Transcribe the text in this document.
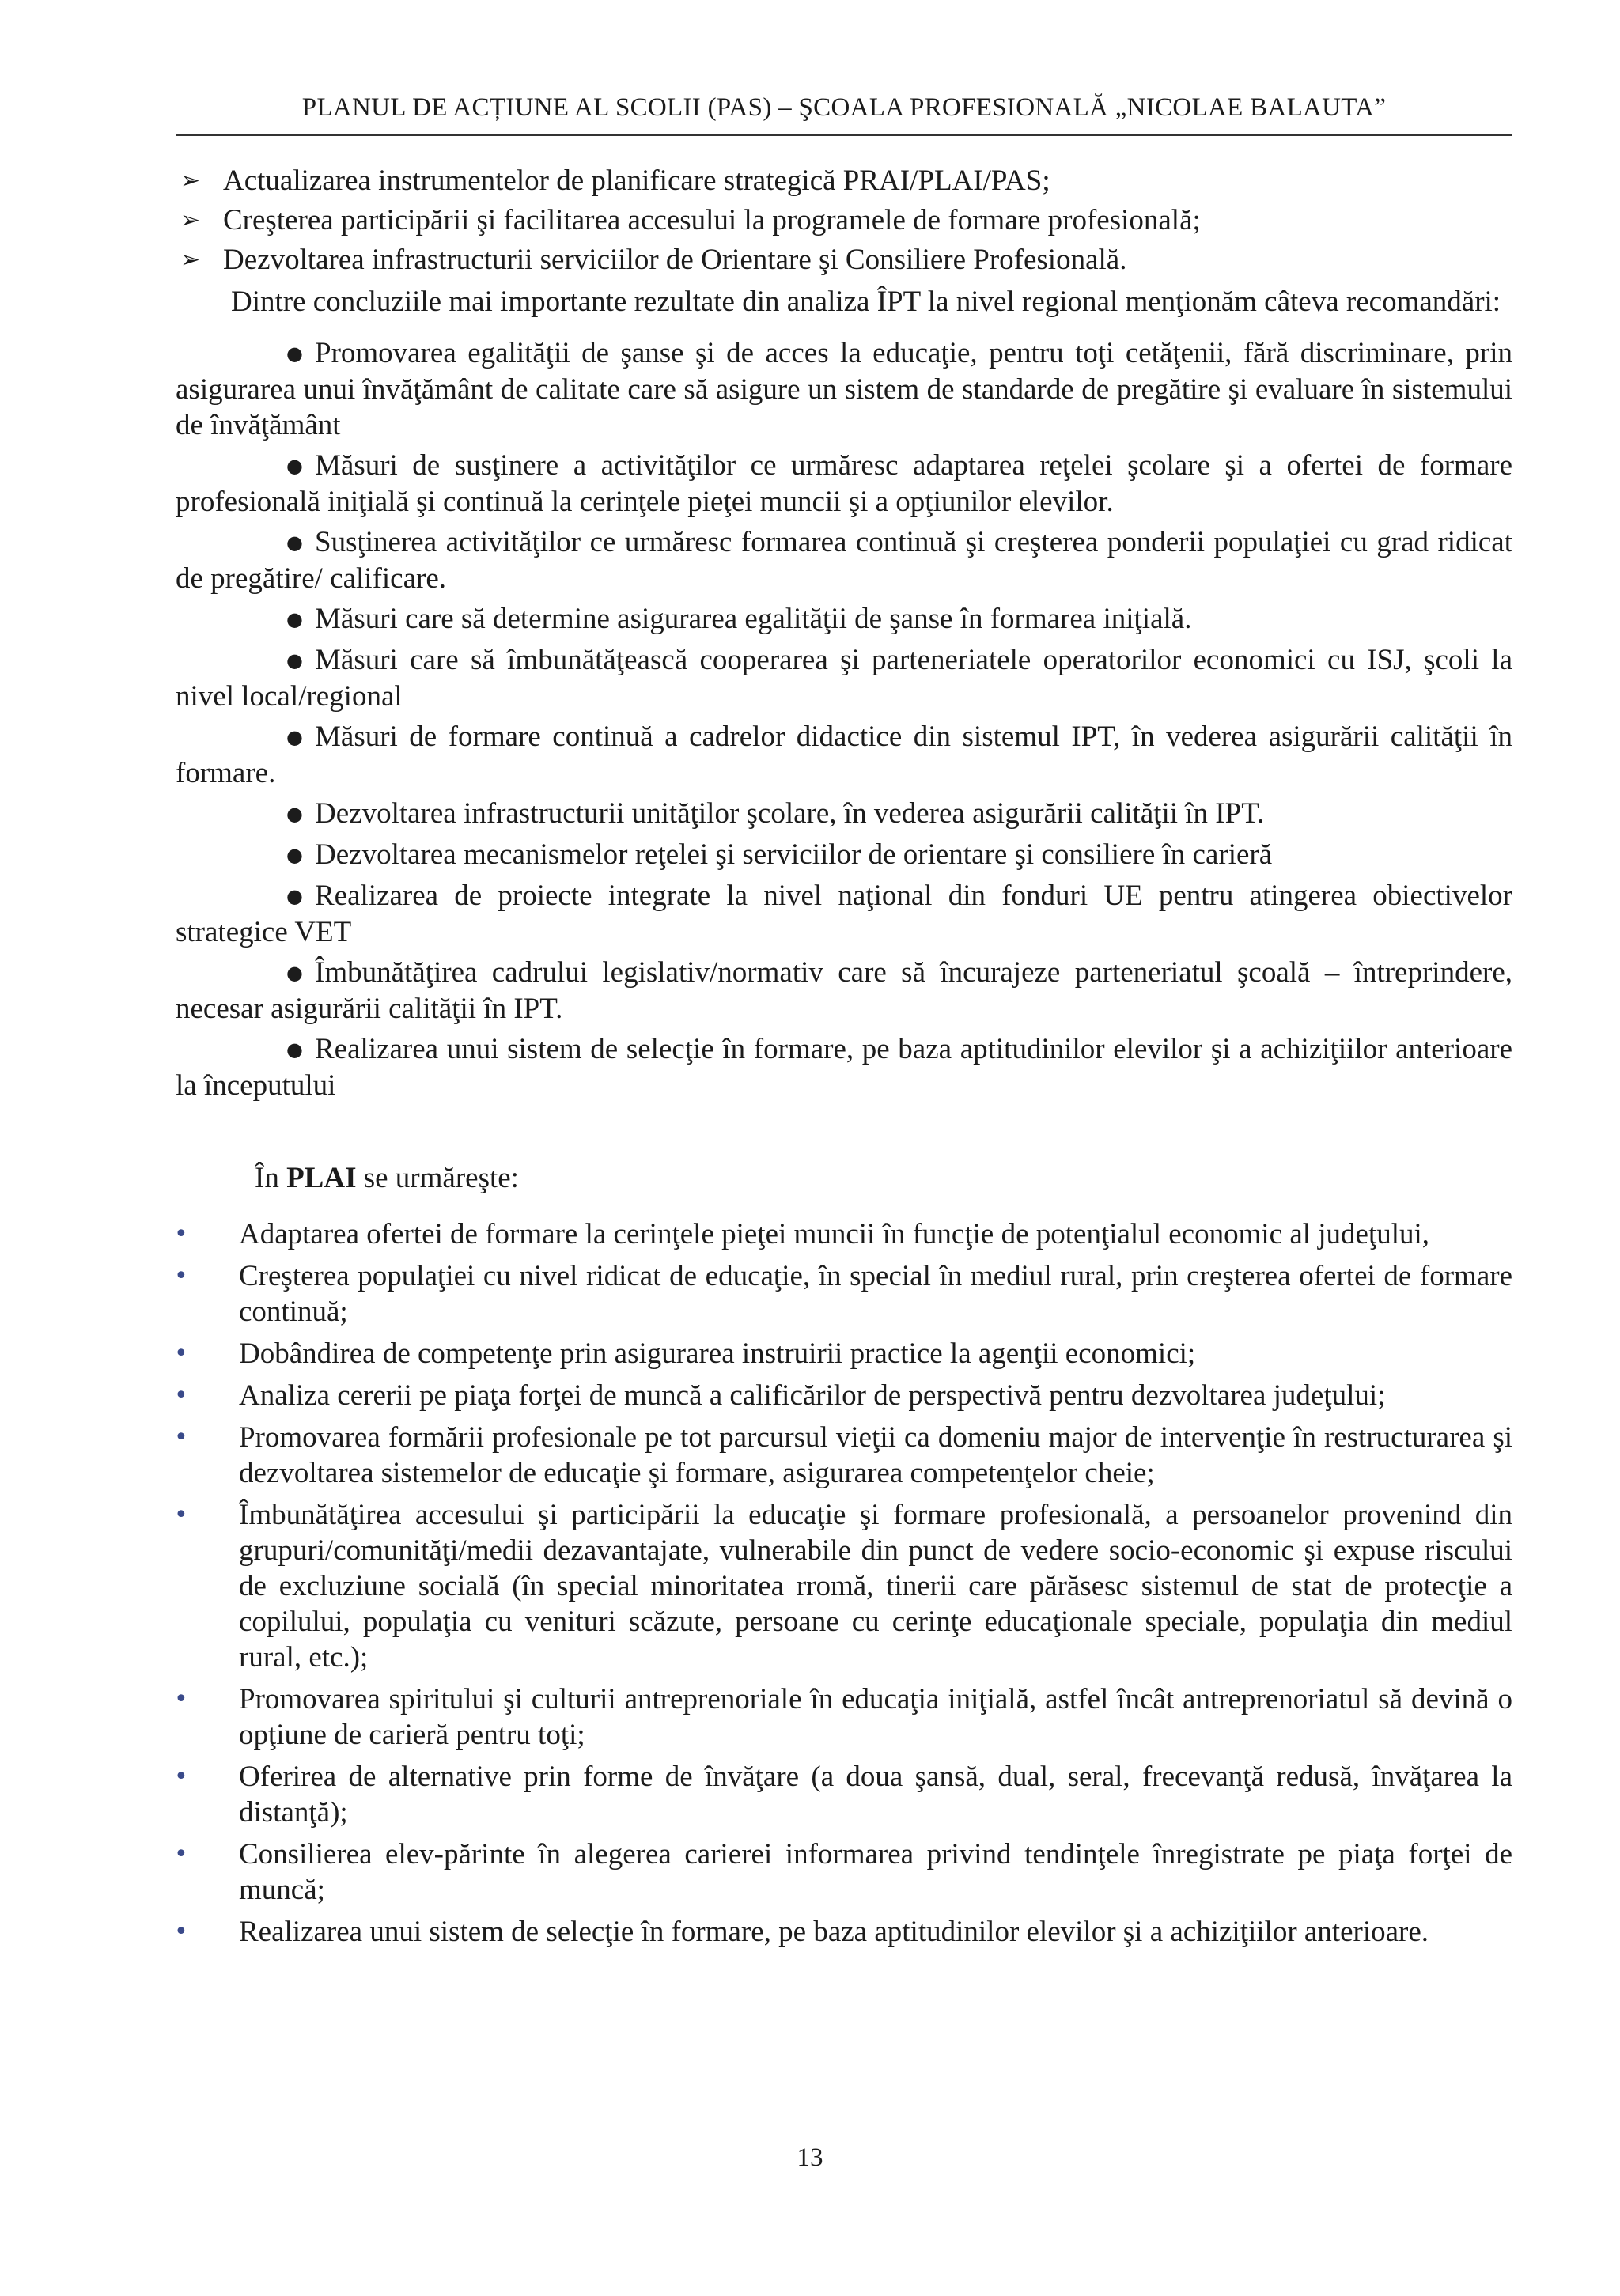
PLANUL DE ACȚIUNE AL SCOLII (PAS) – ŞCOALA PROFESIONALĂ „NICOLAE BALAUTA”
➢ Actualizarea instrumentelor de planificare strategică PRAI/PLAI/PAS;
➢ Creşterea participării şi facilitarea accesului la programele de formare profesională;
➢ Dezvoltarea infrastructurii serviciilor de Orientare şi Consiliere Profesională.

Dintre concluziile mai importante rezultate din analiza ÎPT la nivel regional menţionăm câteva recomandări:

● Promovarea egalităţii de şanse şi de acces la educaţie, pentru toţi cetăţenii, fără discriminare, prin asigurarea unui învăţământ de calitate care să asigure un sistem de standarde de pregătire şi evaluare în sistemului de învăţământ
● Măsuri de susţinere a activităţilor ce urmăresc adaptarea reţelei şcolare şi a ofertei de formare profesională iniţială şi continuă la cerinţele pieţei muncii şi a opţiunilor elevilor.
● Susţinerea activităţilor ce urmăresc formarea continuă şi creşterea ponderii populaţiei cu grad ridicat de pregătire/ calificare.
● Măsuri care să determine asigurarea egalităţii de şanse în formarea iniţială.
● Măsuri care să îmbunătăţească cooperarea şi parteneriatele operatorilor economici cu ISJ, şcoli la nivel local/regional
● Măsuri de formare continuă a cadrelor didactice din sistemul IPT, în vederea asigurării calităţii în formare.
● Dezvoltarea infrastructurii unităţilor şcolare, în vederea asigurării calităţii în IPT.
● Dezvoltarea mecanismelor reţelei şi serviciilor de orientare şi consiliere în carieră
● Realizarea de proiecte integrate la nivel naţional din fonduri UE pentru atingerea obiectivelor strategice VET
● Îmbunătăţirea cadrului legislativ/normativ care să încurajeze parteneriatul şcoală – întreprindere, necesar asigurării calităţii în IPT.
● Realizarea unui sistem de selecţie în formare, pe baza aptitudinilor elevilor şi a achiziţiilor anterioare la începutului

În PLAI se urmăreşte:

• Adaptarea ofertei de formare la cerinţele pieţei muncii în funcţie de potenţialul economic al judeţului,
• Creşterea populaţiei cu nivel ridicat de educaţie, în special în mediul rural, prin creşterea ofertei de formare continuă;
• Dobândirea de competenţe prin asigurarea instruirii practice la agenţii economici;
• Analiza cererii pe piaţa forţei de muncă a calificărilor de perspectivă pentru dezvoltarea judeţului;
• Promovarea formării profesionale pe tot parcursul vieţii ca domeniu major de intervenţie în restructurarea şi dezvoltarea sistemelor de educaţie şi formare, asigurarea competenţelor cheie;
• Îmbunătăţirea accesului şi participării la educaţie şi formare profesională, a persoanelor provenind din grupuri/comunităţi/medii dezavantajate, vulnerabile din punct de vedere socio-economic şi expuse riscului de excluziune socială (în special minoritatea rromă, tinerii care părăsesc sistemul de stat de protecţie a copilului, populaţia cu venituri scăzute, persoane cu cerinţe educaţionale speciale, populaţia din mediul rural, etc.);
• Promovarea spiritului şi culturii antreprenoriale în educaţia iniţială, astfel încât antreprenoriatul să devină o opţiune de carieră pentru toţi;
• Oferirea de alternative prin forme de învăţare (a doua şansă, dual, seral, frecevanţă redusă, învăţarea la distanţă);
• Consilierea elev-părinte în alegerea carierei informarea privind tendinţele înregistrate pe piaţa forţei de muncă;
• Realizarea unui sistem de selecţie în formare, pe baza aptitudinilor elevilor şi a achiziţiilor anterioare.
13
